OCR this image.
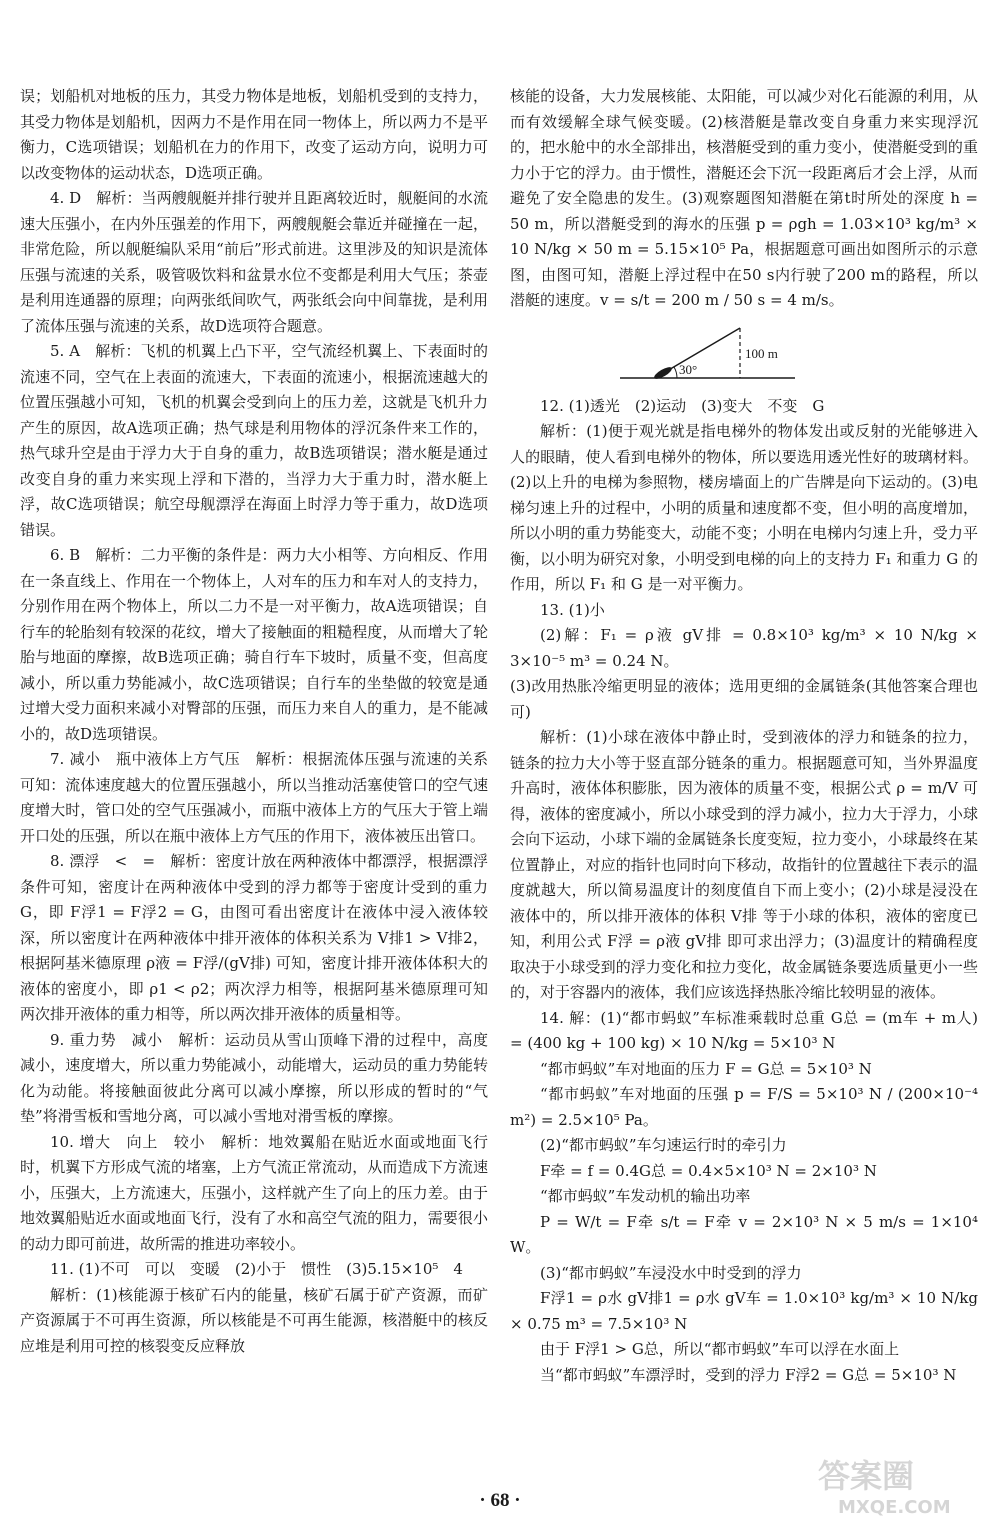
误；划船机对地板的压力，其受力物体是地板，划船机受到的支持力，其受力物体是划船机，因两力不是作用在同一物体上，所以两力不是平衡力，C选项错误；划船机在力的作用下，改变了运动方向，说明力可以改变物体的运动状态，D选项正确。

4. D　解析：当两艘舰艇并排行驶并且距离较近时，舰艇间的水流速大压强小，在内外压强差的作用下，两艘舰艇会靠近并碰撞在一起，非常危险，所以舰艇编队采用“前后”形式前进。这里涉及的知识是流体压强与流速的关系，吸管吸饮料和盆景水位不变都是利用大气压；茶壶是利用连通器的原理；向两张纸间吹气，两张纸会向中间靠拢，是利用了流体压强与流速的关系，故D选项符合题意。

5. A　解析：飞机的机翼上凸下平，空气流经机翼上、下表面时的流速不同，空气在上表面的流速大，下表面的流速小，根据流速越大的位置压强越小可知，飞机的机翼会受到向上的压力差，这就是飞机升力产生的原因，故A选项正确；热气球是利用物体的浮沉条件来工作的，热气球升空是由于浮力大于自身的重力，故B选项错误；潜水艇是通过改变自身的重力来实现上浮和下潜的，当浮力大于重力时，潜水艇上浮，故C选项错误；航空母舰漂浮在海面上时浮力等于重力，故D选项错误。

6. B　解析：二力平衡的条件是：两力大小相等、方向相反、作用在一条直线上、作用在一个物体上，人对车的压力和车对人的支持力，分别作用在两个物体上，所以二力不是一对平衡力，故A选项错误；自行车的轮胎刻有较深的花纹，增大了接触面的粗糙程度，从而增大了轮胎与地面的摩擦，故B选项正确；骑自行车下坡时，质量不变，但高度减小，所以重力势能减小，故C选项错误；自行车的坐垫做的较宽是通过增大受力面积来减小对臀部的压强，而压力来自人的重力，是不能减小的，故D选项错误。

7. 减小　瓶中液体上方气压　解析：根据流体压强与流速的关系可知：流体速度越大的位置压强越小，所以当推动活塞使管口的空气速度增大时，管口处的空气压强减小，而瓶中液体上方的气压大于管上端开口处的压强，所以在瓶中液体上方气压的作用下，液体被压出管口。

8. 漂浮　<　=　解析：密度计放在两种液体中都漂浮，根据漂浮条件可知，密度计在两种液体中受到的浮力都等于密度计受到的重力G，即 F浮1 = F浮2 = G，由图可看出密度计在液体中浸入液体较深，所以密度计在两种液体中排开液体的体积关系为 V排1 > V排2，根据阿基米德原理 ρ液 = F浮/(gV排) 可知，密度计排开液体体积大的液体的密度小，即 ρ1 < ρ2；两次浮力相等，根据阿基米德原理可知两次排开液体的重力相等，所以两次排开液体的质量相等。

9. 重力势　减小　解析：运动员从雪山顶峰下滑的过程中，高度减小，速度增大，所以重力势能减小，动能增大，运动员的重力势能转化为动能。将接触面彼此分离可以减小摩擦，所以形成的暂时的“气垫”将滑雪板和雪地分离，可以减小雪地对滑雪板的摩擦。

10. 增大　向上　较小　解析：地效翼船在贴近水面或地面飞行时，机翼下方形成气流的堵塞，上方气流正常流动，从而造成下方流速小，压强大，上方流速大，压强小，这样就产生了向上的压力差。由于地效翼船贴近水面或地面飞行，没有了水和高空气流的阻力，需要很小的动力即可前进，故所需的推进功率较小。

11. (1)不可　可以　变暖　(2)小于　惯性　(3)5.15×10⁵　4

解析：(1)核能源于核矿石内的能量，核矿石属于矿产资源，而矿产资源属于不可再生资源，所以核能是不可再生能源，核潜艇中的核反应堆是利用可控的核裂变反应释放

核能的设备，大力发展核能、太阳能，可以减少对化石能源的利用，从而有效缓解全球气候变暖。(2)核潜艇是靠改变自身重力来实现浮沉的，把水舱中的水全部排出，核潜艇受到的重力变小，使潜艇受到的重力小于它的浮力。由于惯性，潜艇还会下沉一段距离后才会上浮，从而避免了安全隐患的发生。(3)观察题图知潜艇在第t时所处的深度 h = 50 m，所以潜艇受到的海水的压强 p = ρgh = 1.03×10³ kg/m³ × 10 N/kg × 50 m = 5.15×10⁵ Pa，根据题意可画出如图所示的示意图，由图可知，潜艇上浮过程中在50 s内行驶了200 m的路程，所以潜艇的速度。v = s/t = 200 m / 50 s = 4 m/s。

30°
100 m

12. (1)透光　(2)运动　(3)变大　不变　G

解析：(1)便于观光就是指电梯外的物体发出或反射的光能够进入人的眼睛，使人看到电梯外的物体，所以要选用透光性好的玻璃材料。(2)以上升的电梯为参照物，楼房墙面上的广告牌是向下运动的。(3)电梯匀速上升的过程中，小明的质量和速度都不变，但小明的高度增加，所以小明的重力势能变大，动能不变；小明在电梯内匀速上升，受力平衡，以小明为研究对象，小明受到电梯的向上的支持力 F₁ 和重力 G 的作用，所以 F₁ 和 G 是一对平衡力。

13. (1)小

(2)解：F₁ = ρ液 gV排 = 0.8×10³ kg/m³ × 10 N/kg × 3×10⁻⁵ m³ = 0.24 N。

(3)改用热胀冷缩更明显的液体；选用更细的金属链条(其他答案合理也可)

解析：(1)小球在液体中静止时，受到液体的浮力和链条的拉力，链条的拉力大小等于竖直部分链条的重力。根据题意可知，当外界温度升高时，液体体积膨胀，因为液体的质量不变，根据公式 ρ = m/V 可得，液体的密度减小，所以小球受到的浮力减小，拉力大于浮力，小球会向下运动，小球下端的金属链条长度变短，拉力变小，小球最终在某位置静止，对应的指针也同时向下移动，故指针的位置越往下表示的温度就越大，所以简易温度计的刻度值自下而上变小；(2)小球是浸没在液体中的，所以排开液体的体积 V排 等于小球的体积，液体的密度已知，利用公式 F浮 = ρ液 gV排 即可求出浮力；(3)温度计的精确程度取决于小球受到的浮力变化和拉力变化，故金属链条要选质量更小一些的，对于容器内的液体，我们应该选择热胀冷缩比较明显的液体。

14. 解：(1)“都市蚂蚁”车标准乘载时总重 G总 = (m车 + m人) = (400 kg + 100 kg) × 10 N/kg = 5×10³ N

“都市蚂蚁”车对地面的压力 F = G总 = 5×10³ N

“都市蚂蚁”车对地面的压强 p = F/S = 5×10³ N / (200×10⁻⁴ m²) = 2.5×10⁵ Pa。

(2)“都市蚂蚁”车匀速运行时的牵引力

F牵 = f = 0.4G总 = 0.4×5×10³ N = 2×10³ N

“都市蚂蚁”车发动机的输出功率

P = W/t = F牵 s/t = F牵 v = 2×10³ N × 5 m/s = 1×10⁴ W。

(3)“都市蚂蚁”车浸没水中时受到的浮力

F浮1 = ρ水 gV排1 = ρ水 gV车 = 1.0×10³ kg/m³ × 10 N/kg × 0.75 m³ = 7.5×10³ N

由于 F浮1 > G总，所以“都市蚂蚁”车可以浮在水面上

当“都市蚂蚁”车漂浮时，受到的浮力 F浮2 = G总 = 5×10³ N

· 68 ·
答案圈
MXQE.COM
